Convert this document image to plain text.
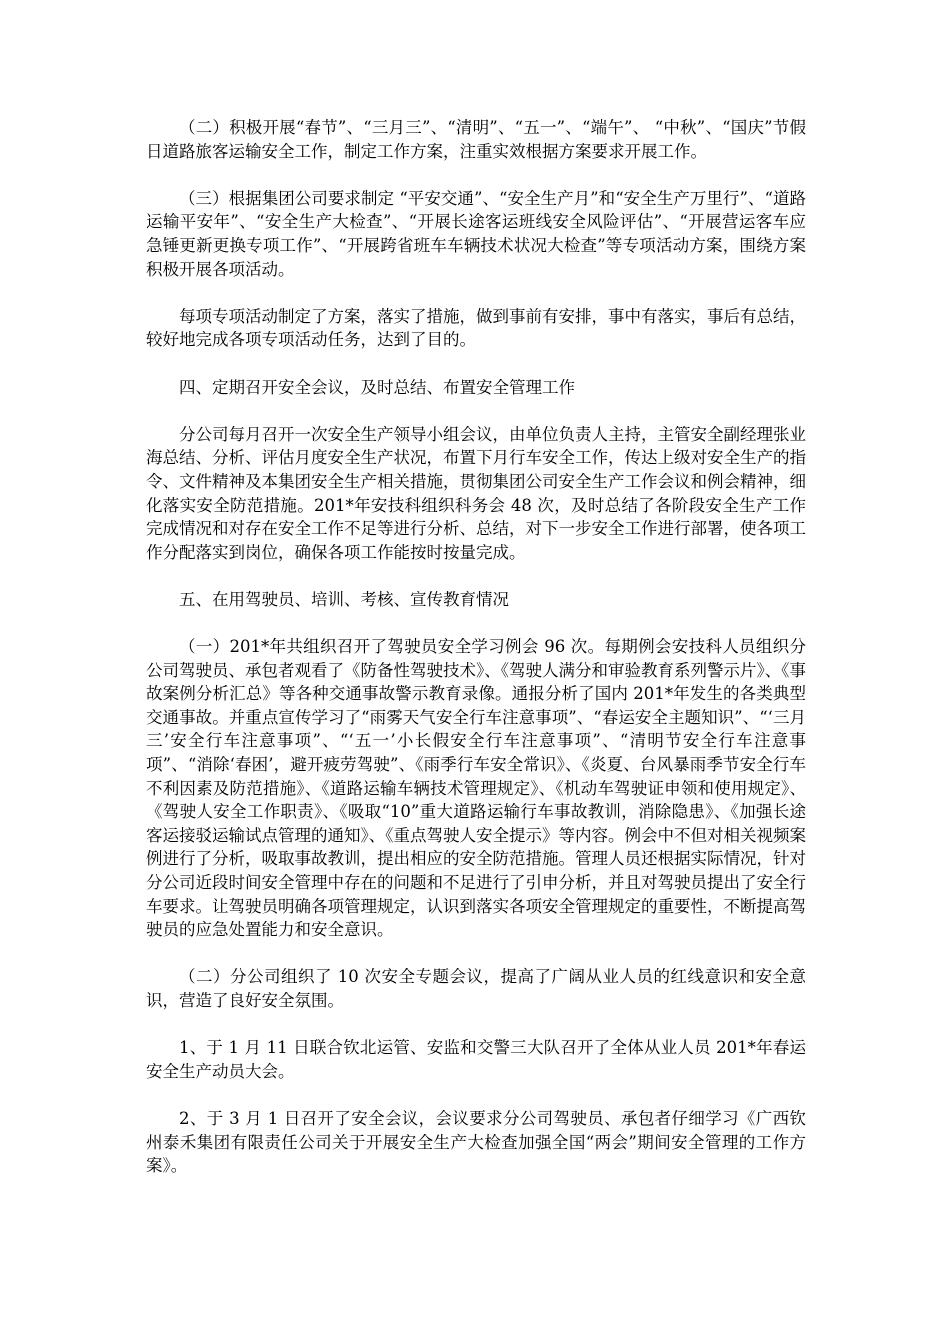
（二）积极开展“春节”、“三月三”、“清明”、“五一”、“端午”、 “中秋”、“国庆”节假日道路旅客运输安全工作，制定工作方案，注重实效根据方案要求开展工作。

（三）根据集团公司要求制定 “平安交通”、“安全生产月”和“安全生产万里行”、“道路运输平安年”、“安全生产大检查”、“开展长途客运班线安全风险评估”、“开展营运客车应急锤更新更换专项工作”、“开展跨省班车车辆技术状况大检查”等专项活动方案，围绕方案积极开展各项活动。

每项专项活动制定了方案，落实了措施，做到事前有安排，事中有落实，事后有总结，较好地完成各项专项活动任务，达到了目的。

四、定期召开安全会议，及时总结、布置安全管理工作

分公司每月召开一次安全生产领导小组会议，由单位负责人主持，主管安全副经理张业海总结、分析、评估月度安全生产状况，布置下月行车安全工作，传达上级对安全生产的指令、文件精神及本集团安全生产相关措施，贯彻集团公司安全生产工作会议和例会精神，细化落实安全防范措施。201*年安技科组织科务会 48 次，及时总结了各阶段安全生产工作完成情况和对存在安全工作不足等进行分析、总结，对下一步安全工作进行部署，使各项工作分配落实到岗位，确保各项工作能按时按量完成。

五、在用驾驶员、培训、考核、宣传教育情况

（一）201*年共组织召开了驾驶员安全学习例会 96 次。每期例会安技科人员组织分公司驾驶员、承包者观看了《防备性驾驶技术》、《驾驶人满分和审验教育系列警示片》、《事故案例分析汇总》等各种交通事故警示教育录像。通报分析了国内 201*年发生的各类典型交通事故。并重点宣传学习了“雨雾天气安全行车注意事项”、“春运安全主题知识”、“‘三月三’安全行车注意事项”、“‘五一’小长假安全行车注意事项”、“清明节安全行车注意事项”、“消除‘春困’，避开疲劳驾驶”、《雨季行车安全常识》、《炎夏、台风暴雨季节安全行车不利因素及防范措施》、《道路运输车辆技术管理规定》、《机动车驾驶证申领和使用规定》、《驾驶人安全工作职责》、《吸取“10”重大道路运输行车事故教训，消除隐患》、《加强长途客运接驳运输试点管理的通知》、《重点驾驶人安全提示》等内容。例会中不但对相关视频案例进行了分析，吸取事故教训，提出相应的安全防范措施。管理人员还根据实际情况，针对分公司近段时间安全管理中存在的问题和不足进行了引申分析，并且对驾驶员提出了安全行车要求。让驾驶员明确各项管理规定，认识到落实各项安全管理规定的重要性，不断提高驾驶员的应急处置能力和安全意识。

（二）分公司组织了 10 次安全专题会议，提高了广阔从业人员的红线意识和安全意识，营造了良好安全氛围。

1、于 1 月 11 日联合钦北运管、安监和交警三大队召开了全体从业人员 201*年春运安全生产动员大会。

2、于 3 月 1 日召开了安全会议，会议要求分公司驾驶员、承包者仔细学习《广西钦州泰禾集团有限责任公司关于开展安全生产大检查加强全国“两会”期间安全管理的工作方案》。
